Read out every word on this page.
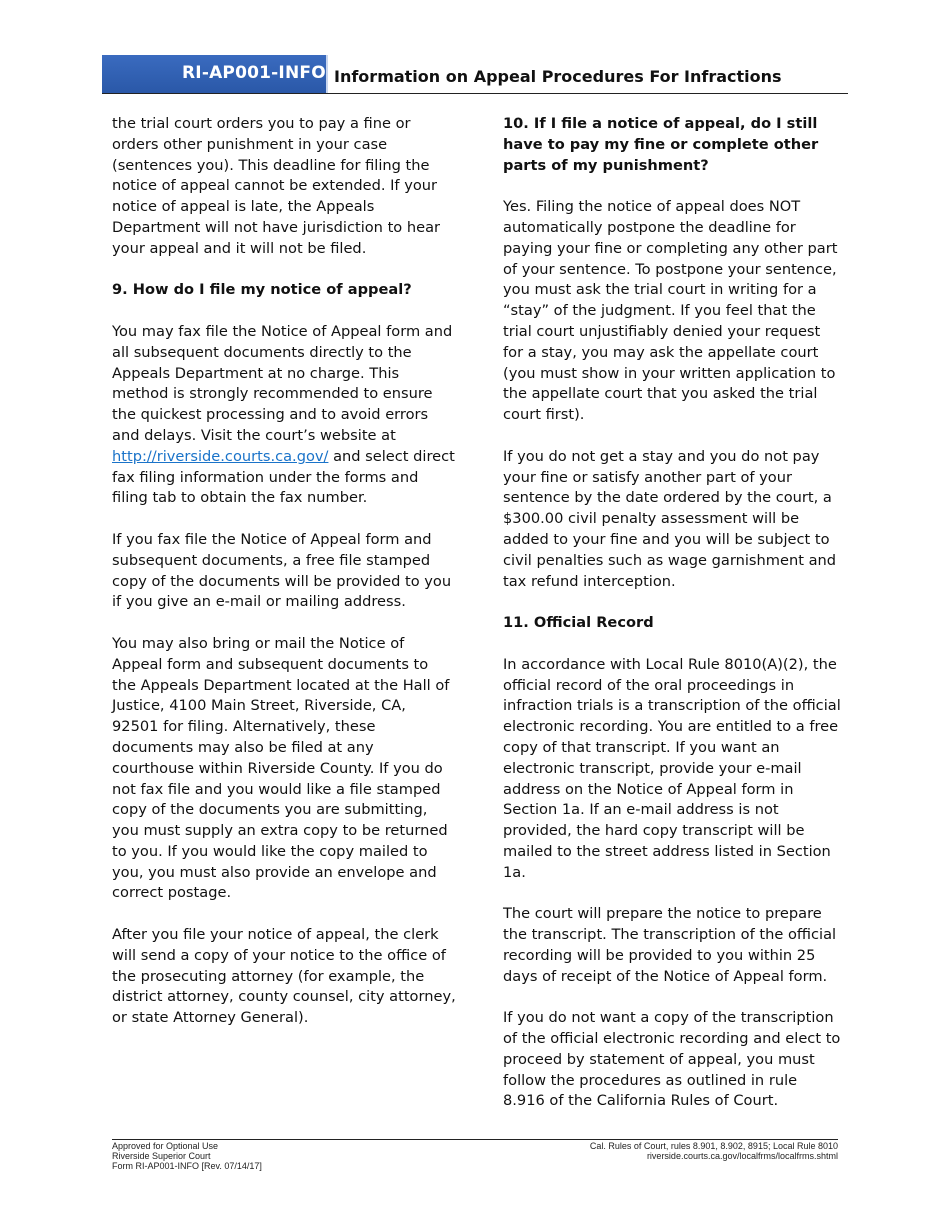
RI-AP001-INFO Information on Appeal Procedures For Infractions

the trial court orders you to pay a fine or orders other punishment in your case (sentences you). This deadline for filing the notice of appeal cannot be extended. If your notice of appeal is late, the Appeals Department will not have jurisdiction to hear your appeal and it will not be filed.

9. How do I file my notice of appeal?

You may fax file the Notice of Appeal form and all subsequent documents directly to the Appeals Department at no charge. This method is strongly recommended to ensure the quickest processing and to avoid errors and delays. Visit the court’s website at http://riverside.courts.ca.gov/ and select direct fax filing information under the forms and filing tab to obtain the fax number.

If you fax file the Notice of Appeal form and subsequent documents, a free file stamped copy of the documents will be provided to you if you give an e-mail or mailing address.

You may also bring or mail the Notice of Appeal form and subsequent documents to the Appeals Department located at the Hall of Justice, 4100 Main Street, Riverside, CA, 92501 for filing. Alternatively, these documents may also be filed at any courthouse within Riverside County. If you do not fax file and you would like a file stamped copy of the documents you are submitting, you must supply an extra copy to be returned to you. If you would like the copy mailed to you, you must also provide an envelope and correct postage.

After you file your notice of appeal, the clerk will send a copy of your notice to the office of the prosecuting attorney (for example, the district attorney, county counsel, city attorney, or state Attorney General).

10. If I file a notice of appeal, do I still have to pay my fine or complete other parts of my punishment?

Yes. Filing the notice of appeal does NOT automatically postpone the deadline for paying your fine or completing any other part of your sentence. To postpone your sentence, you must ask the trial court in writing for a “stay” of the judgment. If you feel that the trial court unjustifiably denied your request for a stay, you may ask the appellate court (you must show in your written application to the appellate court that you asked the trial court first).

If you do not get a stay and you do not pay your fine or satisfy another part of your sentence by the date ordered by the court, a $300.00 civil penalty assessment will be added to your fine and you will be subject to civil penalties such as wage garnishment and tax refund interception.

11. Official Record

In accordance with Local Rule 8010(A)(2), the official record of the oral proceedings in infraction trials is a transcription of the official electronic recording. You are entitled to a free copy of that transcript. If you want an electronic transcript, provide your e-mail address on the Notice of Appeal form in Section 1a. If an e-mail address is not provided, the hard copy transcript will be mailed to the street address listed in Section 1a.

The court will prepare the notice to prepare the transcript. The transcription of the official recording will be provided to you within 25 days of receipt of the Notice of Appeal form.

If you do not want a copy of the transcription of the official electronic recording and elect to proceed by statement of appeal, you must follow the procedures as outlined in rule 8.916 of the California Rules of Court.

Approved for Optional Use
Riverside Superior Court
Form RI-AP001-INFO [Rev. 07/14/17]
Cal. Rules of Court, rules 8.901, 8.902, 8915; Local Rule 8010
riverside.courts.ca.gov/localfrms/localfrms.shtml
